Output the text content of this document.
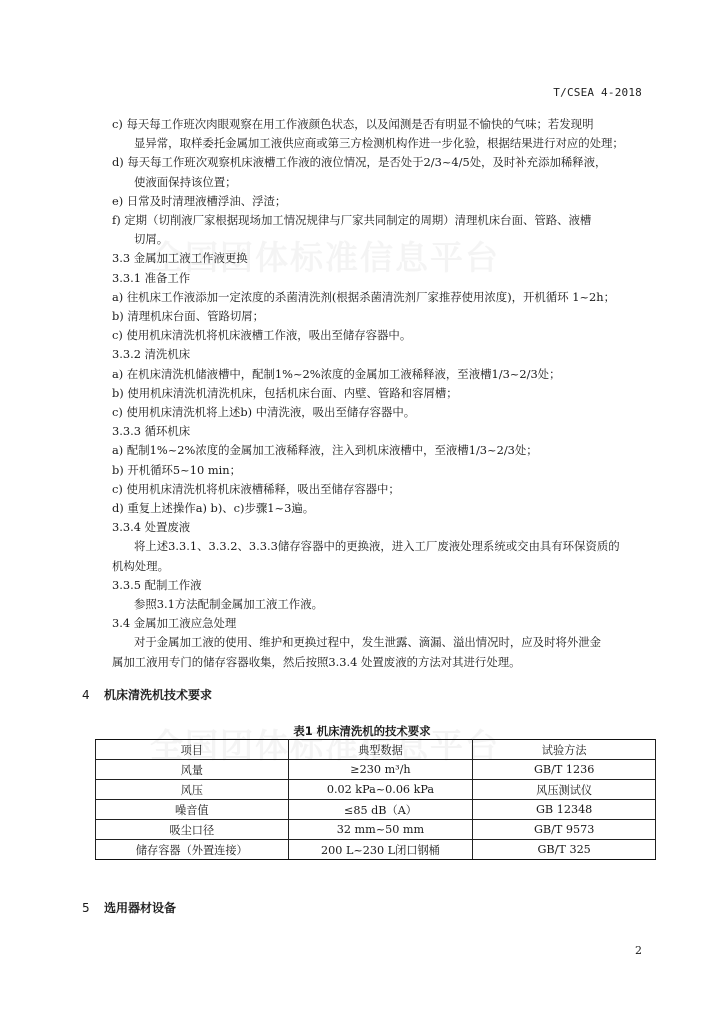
T/CSEA 4-2018
c) 每天每工作班次肉眼观察在用工作液颜色状态，以及闻测是否有明显不愉快的气味；若发现明
显异常，取样委托金属加工液供应商或第三方检测机构作进一步化验，根据结果进行对应的处理；
d) 每天每工作班次观察机床液槽工作液的液位情况，是否处于2/3~4/5处，及时补充添加稀释液，
使液面保持该位置；
e) 日常及时清理液槽浮油、浮渣；
f) 定期（切削液厂家根据现场加工情况规律与厂家共同制定的周期）清理机床台面、管路、液槽
切屑。
3.3 金属加工液工作液更换
3.3.1 准备工作
a) 往机床工作液添加一定浓度的杀菌清洗剂(根据杀菌清洗剂厂家推荐使用浓度)，开机循环 1~2h；
b) 清理机床台面、管路切屑；
c) 使用机床清洗机将机床液槽工作液，吸出至储存容器中。
3.3.2 清洗机床
a) 在机床清洗机储液槽中，配制1%~2%浓度的金属加工液稀释液，至液槽1/3~2/3处；
b) 使用机床清洗机清洗机床，包括机床台面、内壁、管路和容屑槽；
c) 使用机床清洗机将上述b) 中清洗液，吸出至储存容器中。
3.3.3 循环机床
a) 配制1%~2%浓度的金属加工液稀释液，注入到机床液槽中，至液槽1/3~2/3处；
b) 开机循环5~10 min；
c) 使用机床清洗机将机床液槽稀释，吸出至储存容器中；
d) 重复上述操作a) b)、c)步骤1~3遍。
3.3.4 处置废液
将上述3.3.1、3.3.2、3.3.3储存容器中的更换液，进入工厂废液处理系统或交由具有环保资质的
机构处理。
3.3.5 配制工作液
参照3.1方法配制金属加工液工作液。
3.4 金属加工液应急处理
对于金属加工液的使用、维护和更换过程中，发生泄露、滴漏、溢出情况时，应及时将外泄金
属加工液用专门的储存容器收集，然后按照3.3.4 处置废液的方法对其进行处理。
4 机床清洗机技术要求
表1 机床清洗机的技术要求
项目	典型数据	试验方法
风量	≥230 m³/h	GB/T 1236
风压	0.02 kPa~0.06 kPa	风压测试仪
噪音值	≤85 dB（A）	GB 12348
吸尘口径	32 mm~50 mm	GB/T 9573
储存容器（外置连接）	200 L~230 L闭口钢桶	GB/T 325
5 选用器材设备
2
